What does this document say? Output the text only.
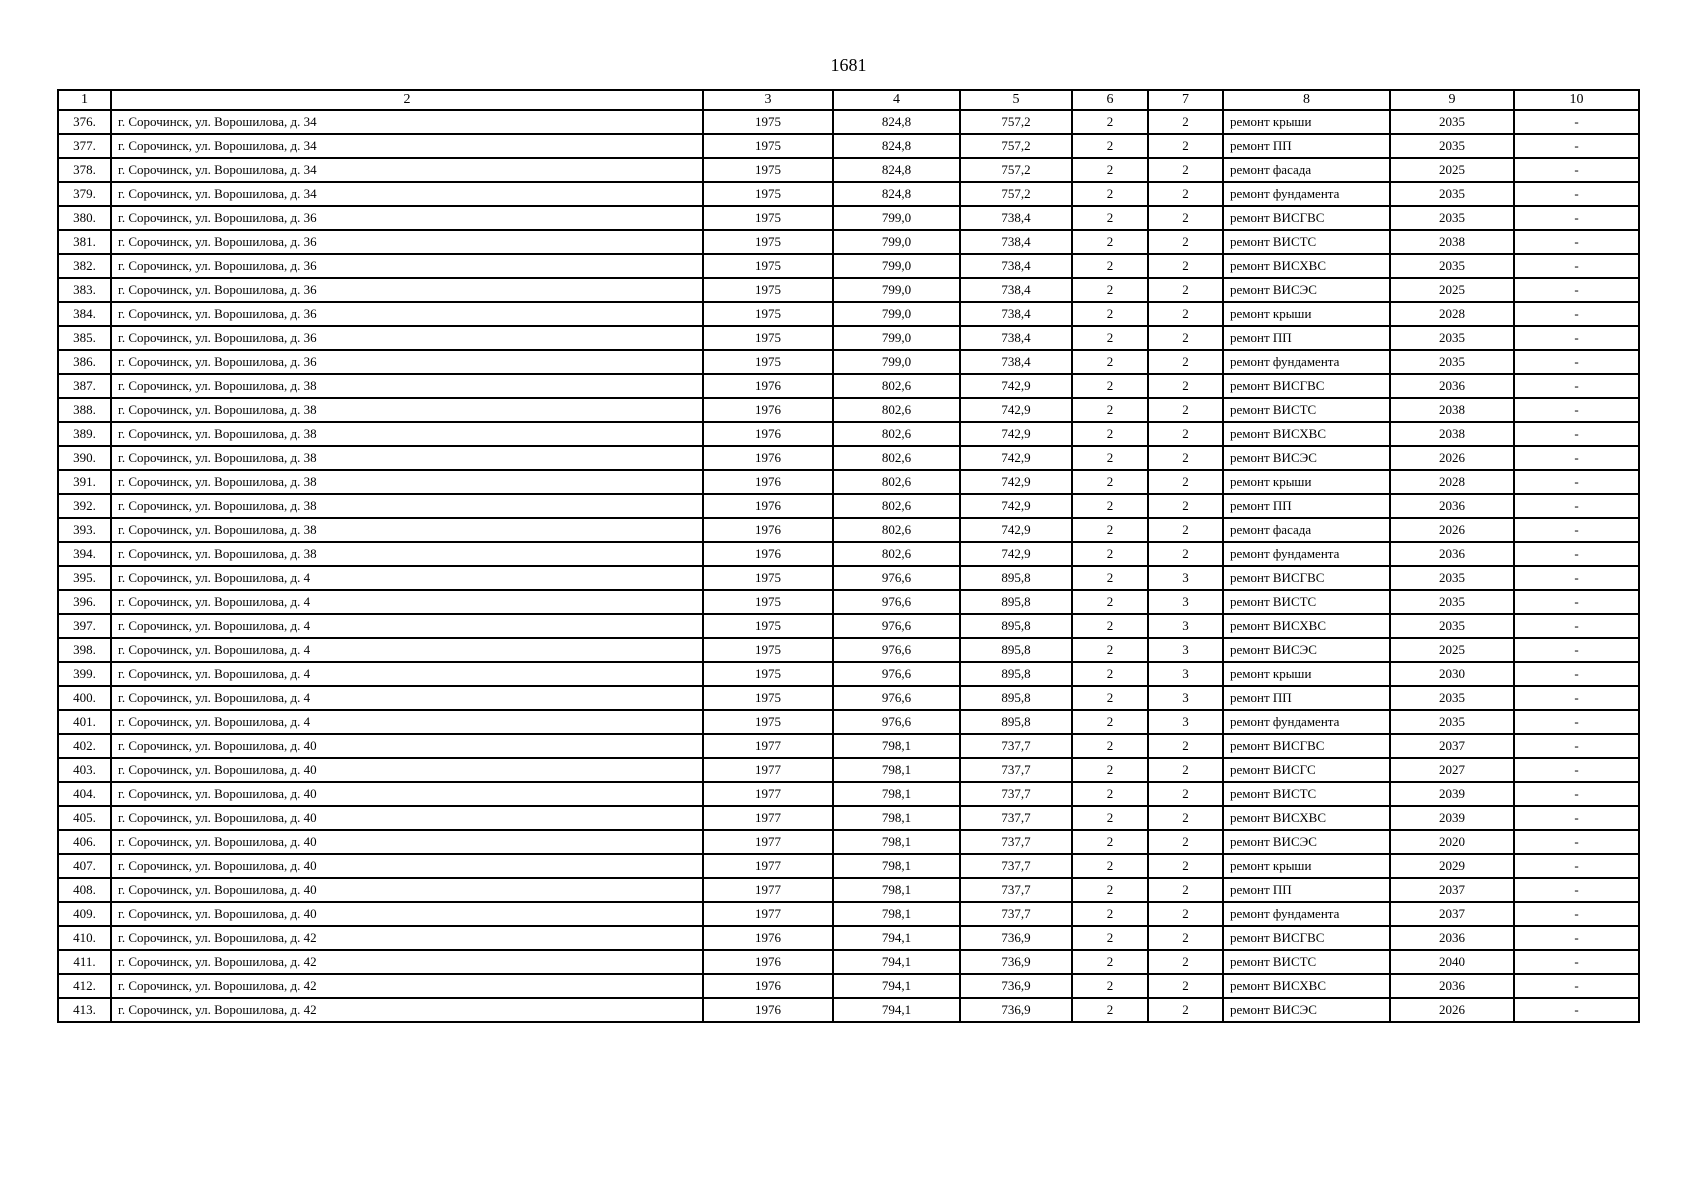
1681
1	2	3	4	5	6	7	8	9	10
376.	г. Сорочинск, ул. Ворошилова, д. 34	1975	824,8	757,2	2	2	ремонт крыши	2035	-
377.	г. Сорочинск, ул. Ворошилова, д. 34	1975	824,8	757,2	2	2	ремонт ПП	2035	-
378.	г. Сорочинск, ул. Ворошилова, д. 34	1975	824,8	757,2	2	2	ремонт фасада	2025	-
379.	г. Сорочинск, ул. Ворошилова, д. 34	1975	824,8	757,2	2	2	ремонт фундамента	2035	-
380.	г. Сорочинск, ул. Ворошилова, д. 36	1975	799,0	738,4	2	2	ремонт ВИСГВС	2035	-
381.	г. Сорочинск, ул. Ворошилова, д. 36	1975	799,0	738,4	2	2	ремонт ВИСТС	2038	-
382.	г. Сорочинск, ул. Ворошилова, д. 36	1975	799,0	738,4	2	2	ремонт ВИСХВС	2035	-
383.	г. Сорочинск, ул. Ворошилова, д. 36	1975	799,0	738,4	2	2	ремонт ВИСЭС	2025	-
384.	г. Сорочинск, ул. Ворошилова, д. 36	1975	799,0	738,4	2	2	ремонт крыши	2028	-
385.	г. Сорочинск, ул. Ворошилова, д. 36	1975	799,0	738,4	2	2	ремонт ПП	2035	-
386.	г. Сорочинск, ул. Ворошилова, д. 36	1975	799,0	738,4	2	2	ремонт фундамента	2035	-
387.	г. Сорочинск, ул. Ворошилова, д. 38	1976	802,6	742,9	2	2	ремонт ВИСГВС	2036	-
388.	г. Сорочинск, ул. Ворошилова, д. 38	1976	802,6	742,9	2	2	ремонт ВИСТС	2038	-
389.	г. Сорочинск, ул. Ворошилова, д. 38	1976	802,6	742,9	2	2	ремонт ВИСХВС	2038	-
390.	г. Сорочинск, ул. Ворошилова, д. 38	1976	802,6	742,9	2	2	ремонт ВИСЭС	2026	-
391.	г. Сорочинск, ул. Ворошилова, д. 38	1976	802,6	742,9	2	2	ремонт крыши	2028	-
392.	г. Сорочинск, ул. Ворошилова, д. 38	1976	802,6	742,9	2	2	ремонт ПП	2036	-
393.	г. Сорочинск, ул. Ворошилова, д. 38	1976	802,6	742,9	2	2	ремонт фасада	2026	-
394.	г. Сорочинск, ул. Ворошилова, д. 38	1976	802,6	742,9	2	2	ремонт фундамента	2036	-
395.	г. Сорочинск, ул. Ворошилова, д. 4	1975	976,6	895,8	2	3	ремонт ВИСГВС	2035	-
396.	г. Сорочинск, ул. Ворошилова, д. 4	1975	976,6	895,8	2	3	ремонт ВИСТС	2035	-
397.	г. Сорочинск, ул. Ворошилова, д. 4	1975	976,6	895,8	2	3	ремонт ВИСХВС	2035	-
398.	г. Сорочинск, ул. Ворошилова, д. 4	1975	976,6	895,8	2	3	ремонт ВИСЭС	2025	-
399.	г. Сорочинск, ул. Ворошилова, д. 4	1975	976,6	895,8	2	3	ремонт крыши	2030	-
400.	г. Сорочинск, ул. Ворошилова, д. 4	1975	976,6	895,8	2	3	ремонт ПП	2035	-
401.	г. Сорочинск, ул. Ворошилова, д. 4	1975	976,6	895,8	2	3	ремонт фундамента	2035	-
402.	г. Сорочинск, ул. Ворошилова, д. 40	1977	798,1	737,7	2	2	ремонт ВИСГВС	2037	-
403.	г. Сорочинск, ул. Ворошилова, д. 40	1977	798,1	737,7	2	2	ремонт ВИСГС	2027	-
404.	г. Сорочинск, ул. Ворошилова, д. 40	1977	798,1	737,7	2	2	ремонт ВИСТС	2039	-
405.	г. Сорочинск, ул. Ворошилова, д. 40	1977	798,1	737,7	2	2	ремонт ВИСХВС	2039	-
406.	г. Сорочинск, ул. Ворошилова, д. 40	1977	798,1	737,7	2	2	ремонт ВИСЭС	2020	-
407.	г. Сорочинск, ул. Ворошилова, д. 40	1977	798,1	737,7	2	2	ремонт крыши	2029	-
408.	г. Сорочинск, ул. Ворошилова, д. 40	1977	798,1	737,7	2	2	ремонт ПП	2037	-
409.	г. Сорочинск, ул. Ворошилова, д. 40	1977	798,1	737,7	2	2	ремонт фундамента	2037	-
410.	г. Сорочинск, ул. Ворошилова, д. 42	1976	794,1	736,9	2	2	ремонт ВИСГВС	2036	-
411.	г. Сорочинск, ул. Ворошилова, д. 42	1976	794,1	736,9	2	2	ремонт ВИСТС	2040	-
412.	г. Сорочинск, ул. Ворошилова, д. 42	1976	794,1	736,9	2	2	ремонт ВИСХВС	2036	-
413.	г. Сорочинск, ул. Ворошилова, д. 42	1976	794,1	736,9	2	2	ремонт ВИСЭС	2026	-
